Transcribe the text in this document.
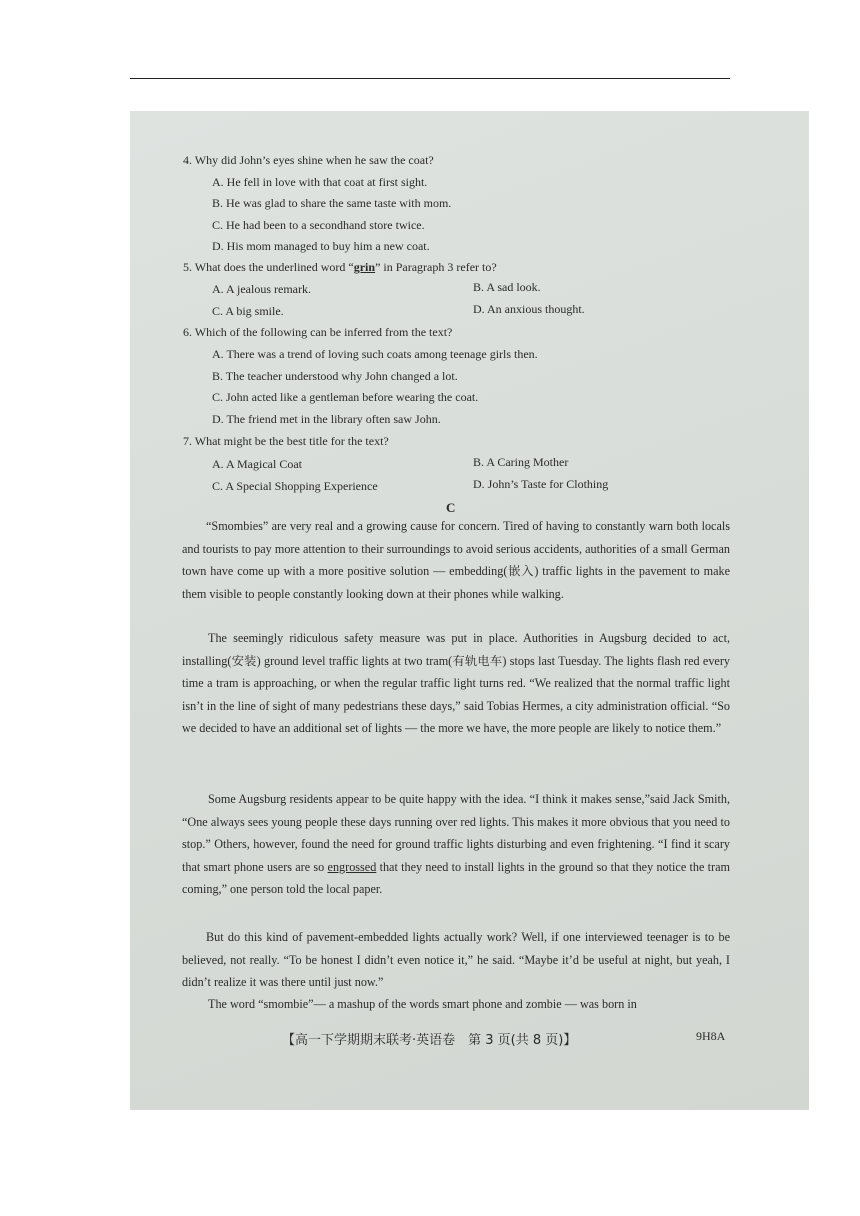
4. Why did John’s eyes shine when he saw the coat?
A. He fell in love with that coat at first sight.
B. He was glad to share the same taste with mom.
C. He had been to a secondhand store twice.
D. His mom managed to buy him a new coat.
5. What does the underlined word “grin” in Paragraph 3 refer to?
A. A jealous remark.	B. A sad look.
C. A big smile.	D. An anxious thought.
6. Which of the following can be inferred from the text?
A. There was a trend of loving such coats among teenage girls then.
B. The teacher understood why John changed a lot.
C. John acted like a gentleman before wearing the coat.
D. The friend met in the library often saw John.
7. What might be the best title for the text?
A. A Magical Coat	B. A Caring Mother
C. A Special Shopping Experience	D. John’s Taste for Clothing
C

“Smombies” are very real and a growing cause for concern. Tired of having to constantly warn both locals and tourists to pay more attention to their surroundings to avoid serious accidents, authorities of a small German town have come up with a more positive solution — embedding(嵌入) traffic lights in the pavement to make them visible to people constantly looking down at their phones while walking.

The seemingly ridiculous safety measure was put in place. Authorities in Augsburg decided to act, installing(安装) ground level traffic lights at two tram(有轨电车) stops last Tuesday. The lights flash red every time a tram is approaching, or when the regular traffic light turns red. “We realized that the normal traffic light isn’t in the line of sight of many pedestrians these days,” said Tobias Hermes, a city administration official. “So we decided to have an additional set of lights — the more we have, the more people are likely to notice them.”

Some Augsburg residents appear to be quite happy with the idea. “I think it makes sense,”said Jack Smith, “One always sees young people these days running over red lights. This makes it more obvious that you need to stop.” Others, however, found the need for ground traffic lights disturbing and even frightening. “I find it scary that smart phone users are so engrossed that they need to install lights in the ground so that they notice the tram coming,” one person told the local paper.

But do this kind of pavement-embedded lights actually work? Well, if one interviewed teenager is to be believed, not really. “To be honest I didn’t even notice it,” he said. “Maybe it’d be useful at night, but yeah, I didn’t realize it was there until just now.”

The word “smombie”— a mashup of the words smart phone and zombie — was born in

【高一下学期期末联考·英语卷　第 3 页(共 8 页)】	9H8A
